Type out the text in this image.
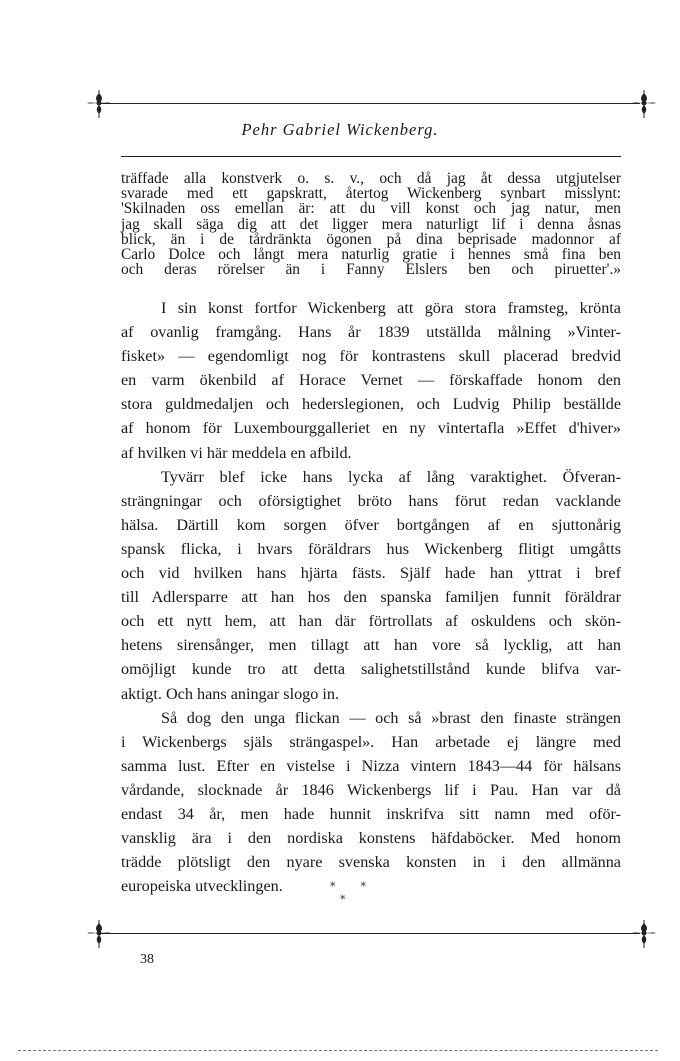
Pehr Gabriel Wickenberg.
träffade alla konstverk o. s. v., och då jag åt dessa utgjutelser
svarade med ett gapskratt, återtog Wickenberg synbart misslynt:
'Skilnaden oss emellan är: att du vill konst och jag natur, men
jag skall säga dig att det ligger mera naturligt lif i denna åsnas
blick, än i de tårdränkta ögonen på dina beprisade madonnor af
Carlo Dolce och långt mera naturlig gratie i hennes små fina ben
och deras rörelser än i Fanny Elslers ben och piruetter'.»
I sin konst fortfor Wickenberg att göra stora framsteg, krönta
af ovanlig framgång. Hans år 1839 utställda målning »Vinter-
fisket» — egendomligt nog för kontrastens skull placerad bredvid
en varm ökenbild af Horace Vernet — förskaffade honom den
stora guldmedaljen och hederslegionen, och Ludvig Philip beställde
af honom för Luxembourggalleriet en ny vintertafla »Effet d'hiver»
af hvilken vi här meddela en afbild.
Tyvärr blef icke hans lycka af lång varaktighet. Öfveran-
strängningar och oförsigtighet bröto hans förut redan vacklande
hälsa. Därtill kom sorgen öfver bortgången af en sjuttonårig
spansk flicka, i hvars föräldrars hus Wickenberg flitigt umgåtts
och vid hvilken hans hjärta fästs. Själf hade han yttrat i bref
till Adlersparre att han hos den spanska familjen funnit föräldrar
och ett nytt hem, att han där förtrollats af oskuldens och skön-
hetens sirensånger, men tillagt att han vore så lycklig, att han
omöjligt kunde tro att detta salighetstillstånd kunde blifva var-
aktigt. Och hans aningar slogo in.
Så dog den unga flickan — och så »brast den finaste strängen
i Wickenbergs själs strängaspel». Han arbetade ej längre med
samma lust. Efter en vistelse i Nizza vintern 1843—44 för hälsans
vårdande, slocknade år 1846 Wickenbergs lif i Pau. Han var då
endast 34 år, men hade hunnit inskrifva sitt namn med oför-
vansklig ära i den nordiska konstens häfdaböcker. Med honom
trädde plötsligt den nyare svenska konsten in i den allmänna
europeiska utvecklingen.	*  *
*
38
